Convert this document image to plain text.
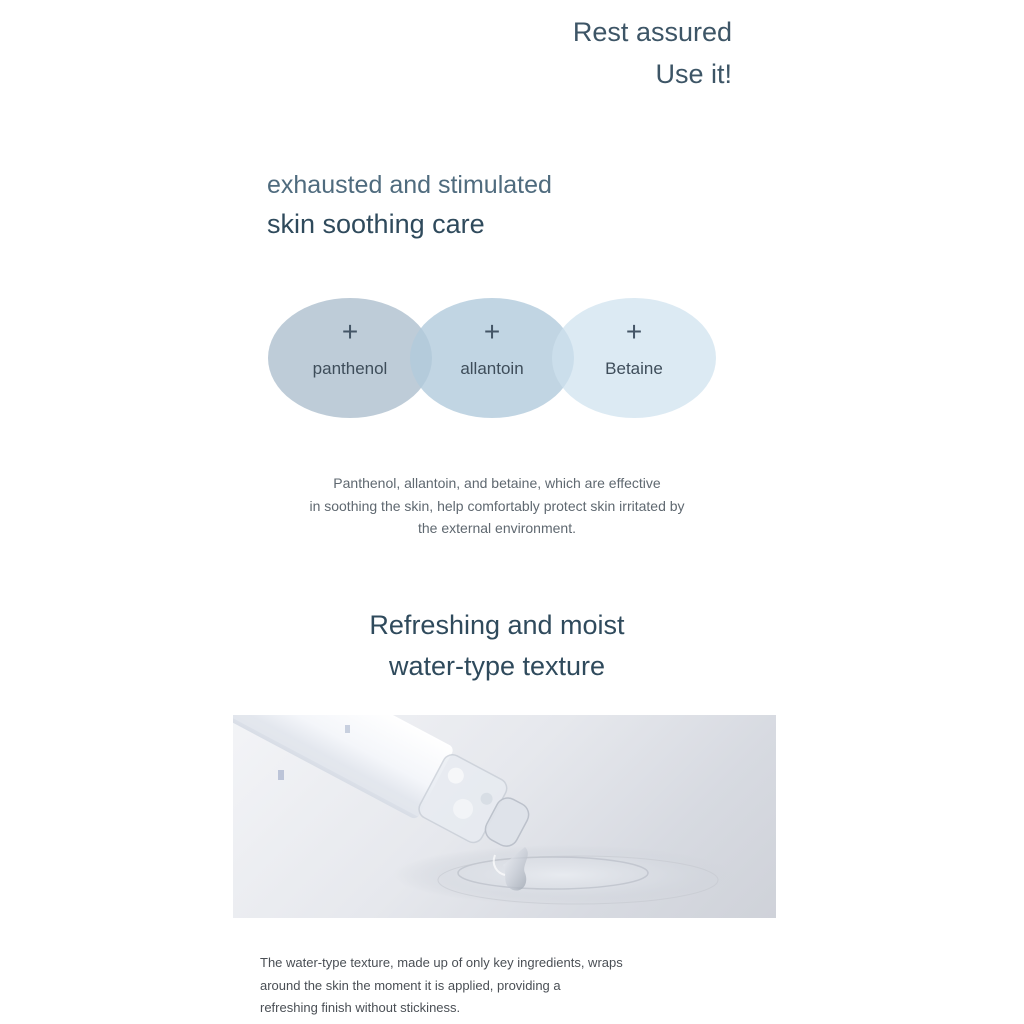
Rest assured
Use it!
exhausted and stimulated
skin soothing care
+
panthenol
+
allantoin
+
Betaine
Panthenol, allantoin, and betaine, which are effective
in soothing the skin, help comfortably protect skin irritated by
the external environment.
Refreshing and moist
water-type texture
The water-type texture, made up of only key ingredients, wraps
around the skin the moment it is applied, providing a
refreshing finish without stickiness.
